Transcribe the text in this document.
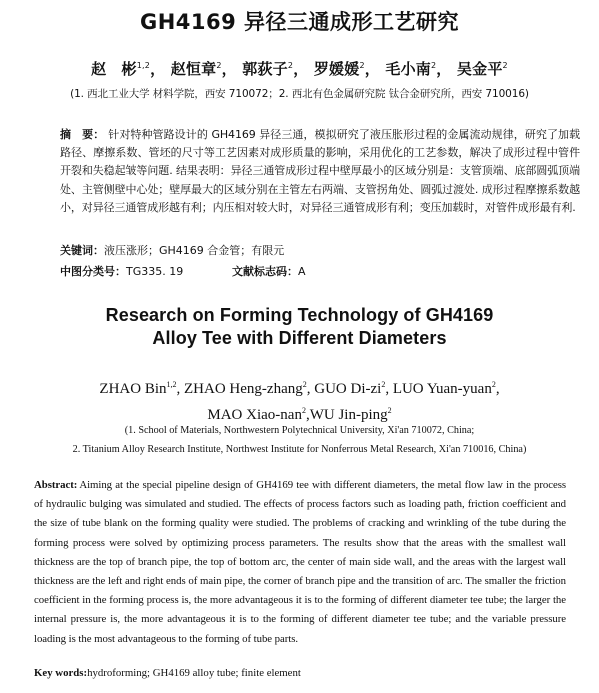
GH4169 异径三通成形工艺研究
赵　彬$^{1,2}$， 赵恒章$^2$， 郭荻子$^2$， 罗媛媛$^2$， 毛小南$^2$， 吴金平$^2$
(1. 西北工业大学 材料学院，西安 710072；2. 西北有色金属研究院 钛合金研究所，西安 710016)
摘　要： 针对特种管路设计的 GH4169 异径三通，模拟研究了液压胀形过程的金属流动规律，研究了加载路径、摩擦系数、管坯的尺寸等工艺因素对成形质量的影响，采用优化的工艺参数，解决了成形过程中管件开裂和失稳起皱等问题. 结果表明：异径三通管成形过程中壁厚最小的区域分别是：支管顶端、底部圆弧顶端处、主管侧壁中心处；壁厚最大的区域分别在主管左右两端、支管拐角处、圆弧过渡处. 成形过程摩擦系数越小，对异径三通管成形越有利；内压相对较大时，对异径三通管成形有利；变压加载时，对管件成形最有利.
关键词：液压涨形；GH4169 合金管；有限元
中图分类号：TG335. 19	文献标志码：A
Research on Forming Technology of GH4169
Alloy Tee with Different Diameters
ZHAO Bin$^{1,2}$, ZHAO Heng-zhang$^2$, GUO $Di-zi^2$, LUO Yuan-yuan$^2$,
MAO Xiao-nan$^2$,WU Jin-ping$^2$
(1. School of Materials, Northwestern Polytechnical University, Xi'an 710072, China;
2. Titanium Alloy Research Institute, Northwest Institute for Nonferrous Metal Research, Xi'an 710016, China)
Abstract: Aiming at the special pipeline design of GH4169 tee with different diameters, the metal flow law in the process of hydraulic bulging was simulated and studied. The effects of process factors such as loading path, friction coefficient and the size of tube blank on the forming quality were studied. The problems of cracking and wrinkling of the tube during the forming process were solved by optimizing process parameters. The results show that the areas with the smallest wall thickness are the top of branch pipe, the top of bottom arc, the center of main side wall, and the areas with the largest wall thickness are the left and right ends of main pipe, the corner of branch pipe and the transition of arc. The smaller the friction coefficient in the forming process is, the more advantageous it is to the forming of different diameter tee tube; the larger the internal pressure is, the more advantageous it is to the forming of different diameter tee tube; and the variable pressure loading is the most advantageous to the forming of tube parts.
Key words:hydroforming; GH4169 alloy tube; finite element
